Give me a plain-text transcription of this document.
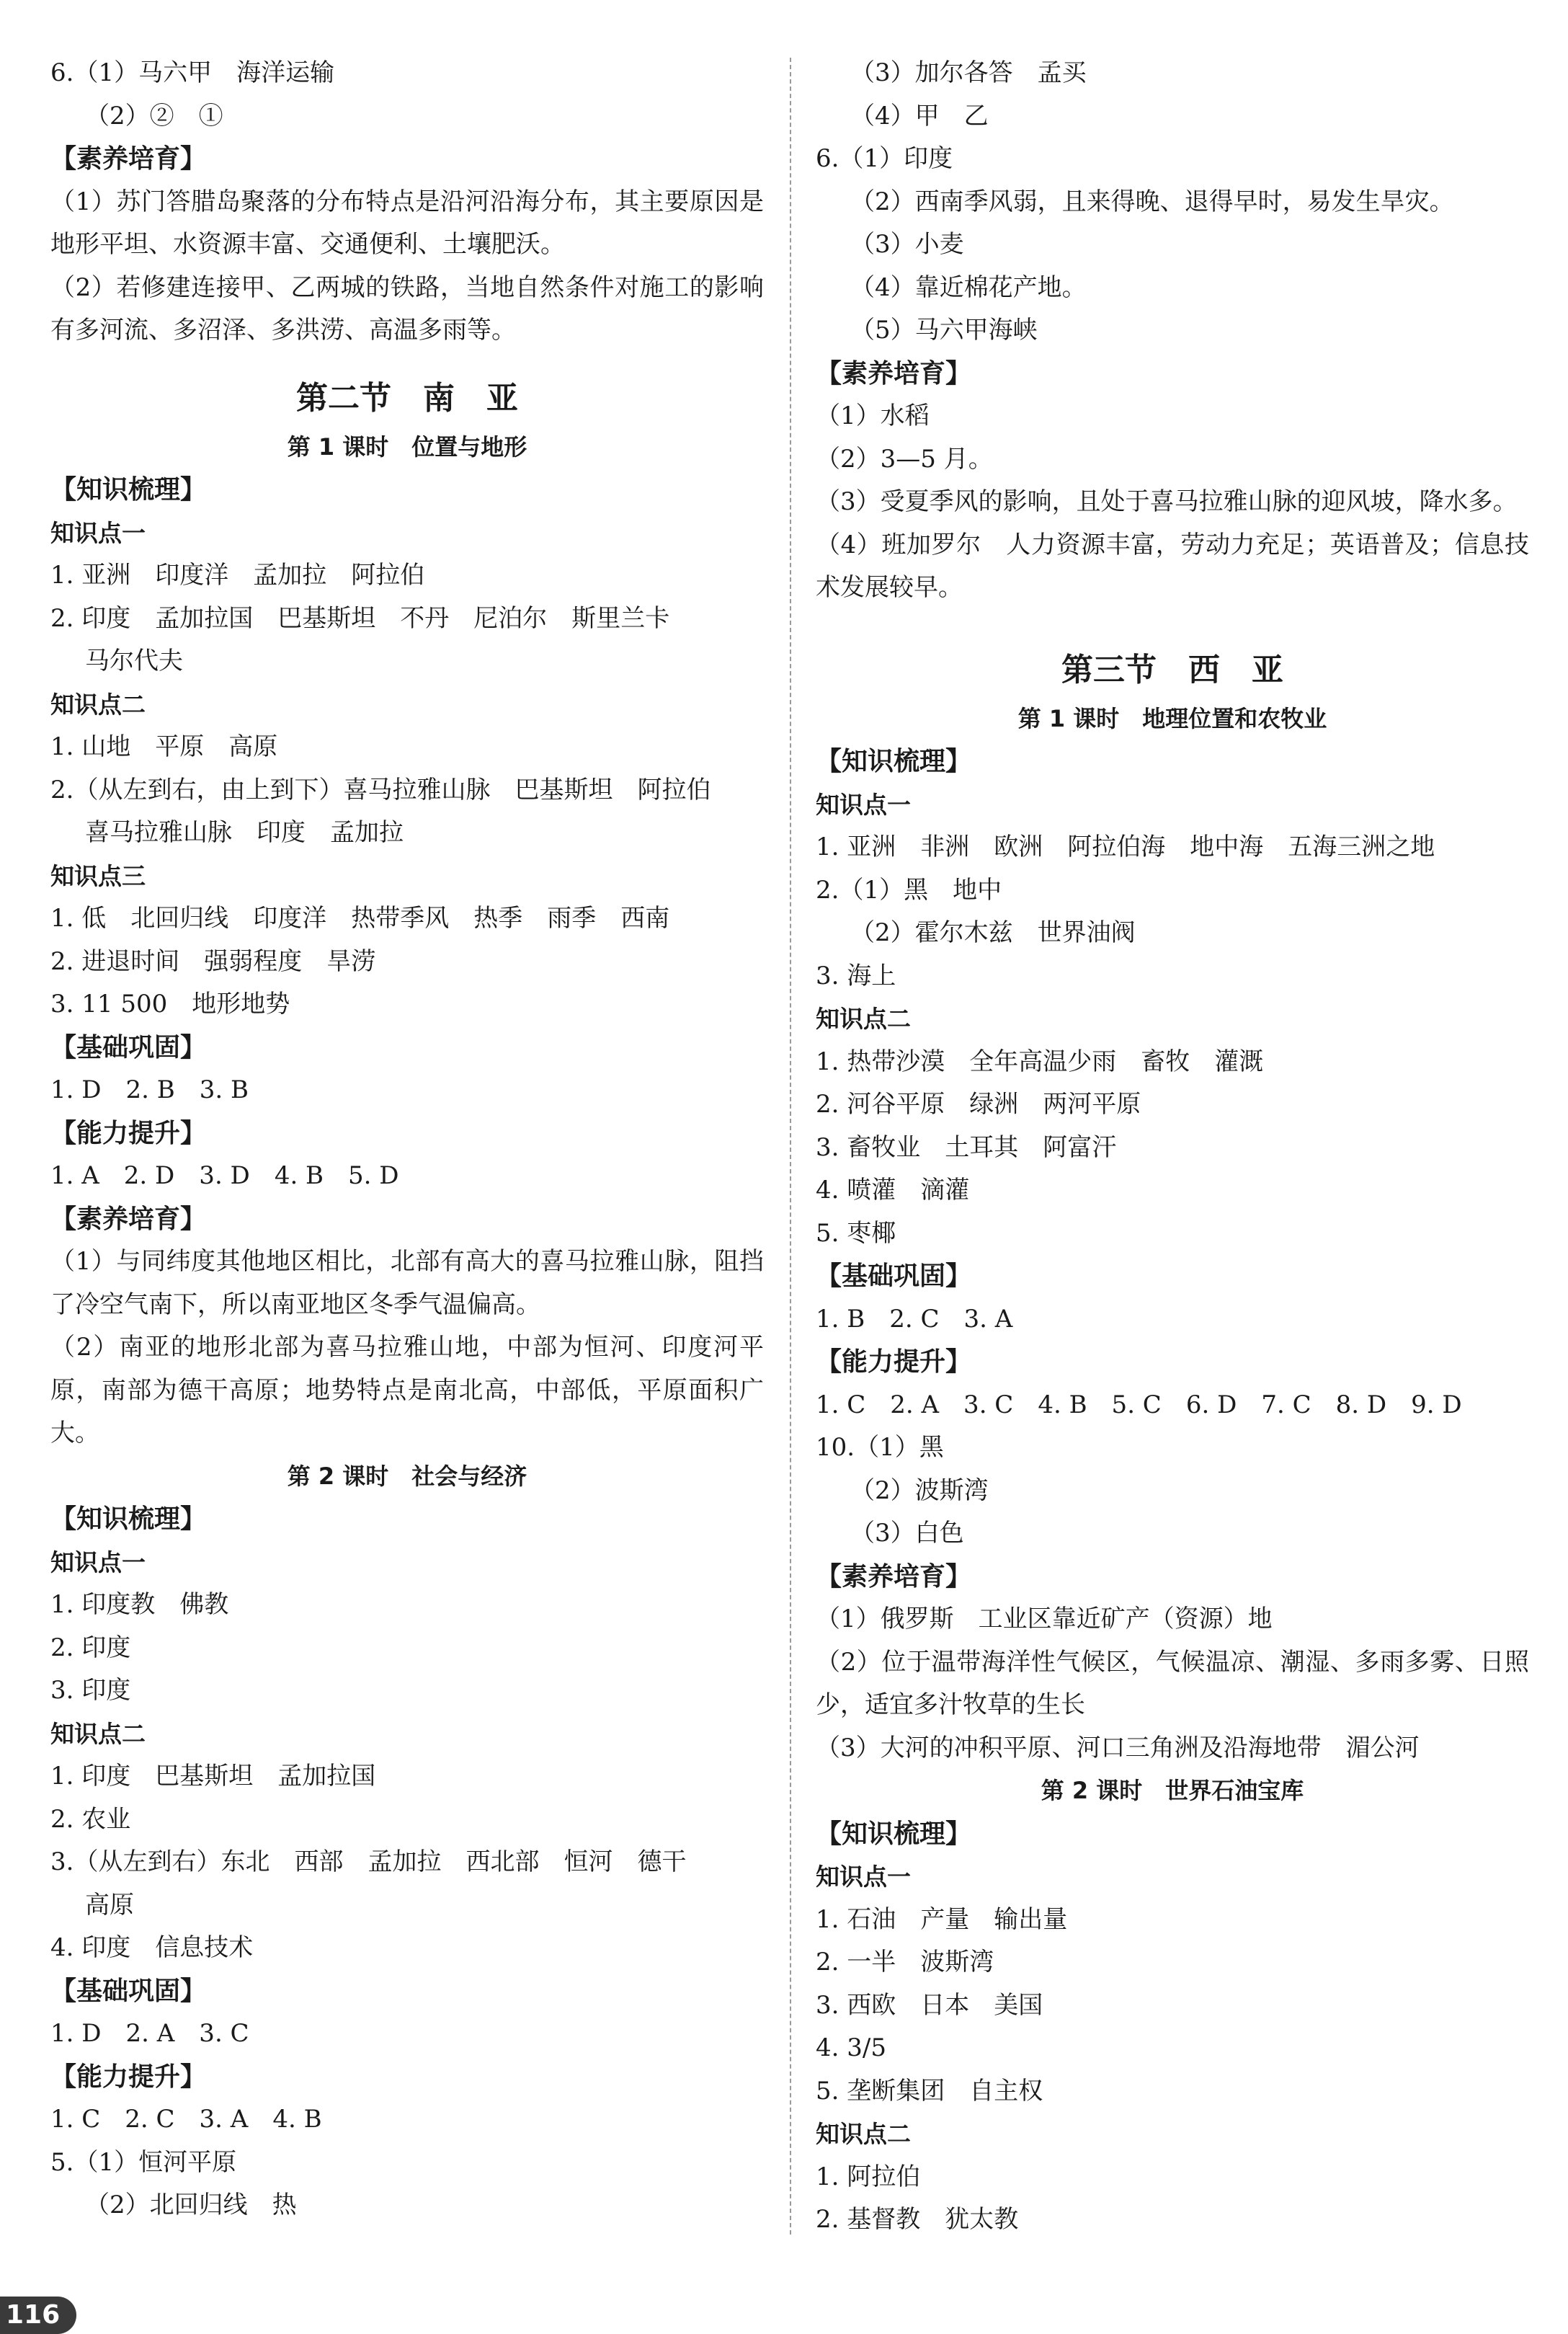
6.（1）马六甲　海洋运输
（2）②　①
【素养培育】
（1）苏门答腊岛聚落的分布特点是沿河沿海分布，其主要原因是地形平坦、水资源丰富、交通便利、土壤肥沃。
（2）若修建连接甲、乙两城的铁路，当地自然条件对施工的影响有多河流、多沼泽、多洪涝、高温多雨等。
第二节　南　亚
第 1 课时　位置与地形
【知识梳理】
知识点一
1. 亚洲　印度洋　孟加拉　阿拉伯
2. 印度　孟加拉国　巴基斯坦　不丹　尼泊尔　斯里兰卡
马尔代夫
知识点二
1. 山地　平原　高原
2.（从左到右，由上到下）喜马拉雅山脉　巴基斯坦　阿拉伯
喜马拉雅山脉　印度　孟加拉
知识点三
1. 低　北回归线　印度洋　热带季风　热季　雨季　西南
2. 进退时间　强弱程度　旱涝
3. 11 500　地形地势
【基础巩固】
1. D　2. B　3. B
【能力提升】
1. A　2. D　3. D　4. B　5. D
【素养培育】
（1）与同纬度其他地区相比，北部有高大的喜马拉雅山脉，阻挡了冷空气南下，所以南亚地区冬季气温偏高。
（2）南亚的地形北部为喜马拉雅山地，中部为恒河、印度河平原，南部为德干高原；地势特点是南北高，中部低，平原面积广大。
第 2 课时　社会与经济
【知识梳理】
知识点一
1. 印度教　佛教
2. 印度
3. 印度
知识点二
1. 印度　巴基斯坦　孟加拉国
2. 农业
3.（从左到右）东北　西部　孟加拉　西北部　恒河　德干
高原
4. 印度　信息技术
【基础巩固】
1. D　2. A　3. C
【能力提升】
1. C　2. C　3. A　4. B
5.（1）恒河平原
（2）北回归线　热
（3）加尔各答　孟买
（4）甲　乙
6.（1）印度
（2）西南季风弱，且来得晚、退得早时，易发生旱灾。
（3）小麦
（4）靠近棉花产地。
（5）马六甲海峡
【素养培育】
（1）水稻
（2）3—5 月。
（3）受夏季风的影响，且处于喜马拉雅山脉的迎风坡，降水多。
（4）班加罗尔　人力资源丰富，劳动力充足；英语普及；信息技术发展较早。
第三节　西　亚
第 1 课时　地理位置和农牧业
【知识梳理】
知识点一
1. 亚洲　非洲　欧洲　阿拉伯海　地中海　五海三洲之地
2.（1）黑　地中
（2）霍尔木兹　世界油阀
3. 海上
知识点二
1. 热带沙漠　全年高温少雨　畜牧　灌溉
2. 河谷平原　绿洲　两河平原
3. 畜牧业　土耳其　阿富汗
4. 喷灌　滴灌
5. 枣椰
【基础巩固】
1. B　2. C　3. A
【能力提升】
1. C　2. A　3. C　4. B　5. C　6. D　7. C　8. D　9. D
10.（1）黑
（2）波斯湾
（3）白色
【素养培育】
（1）俄罗斯　工业区靠近矿产（资源）地
（2）位于温带海洋性气候区，气候温凉、潮湿、多雨多雾、日照少，适宜多汁牧草的生长
（3）大河的冲积平原、河口三角洲及沿海地带　湄公河
第 2 课时　世界石油宝库
【知识梳理】
知识点一
1. 石油　产量　输出量
2. 一半　波斯湾
3. 西欧　日本　美国
4. 3/5
5. 垄断集团　自主权
知识点二
1. 阿拉伯
2. 基督教　犹太教
116
